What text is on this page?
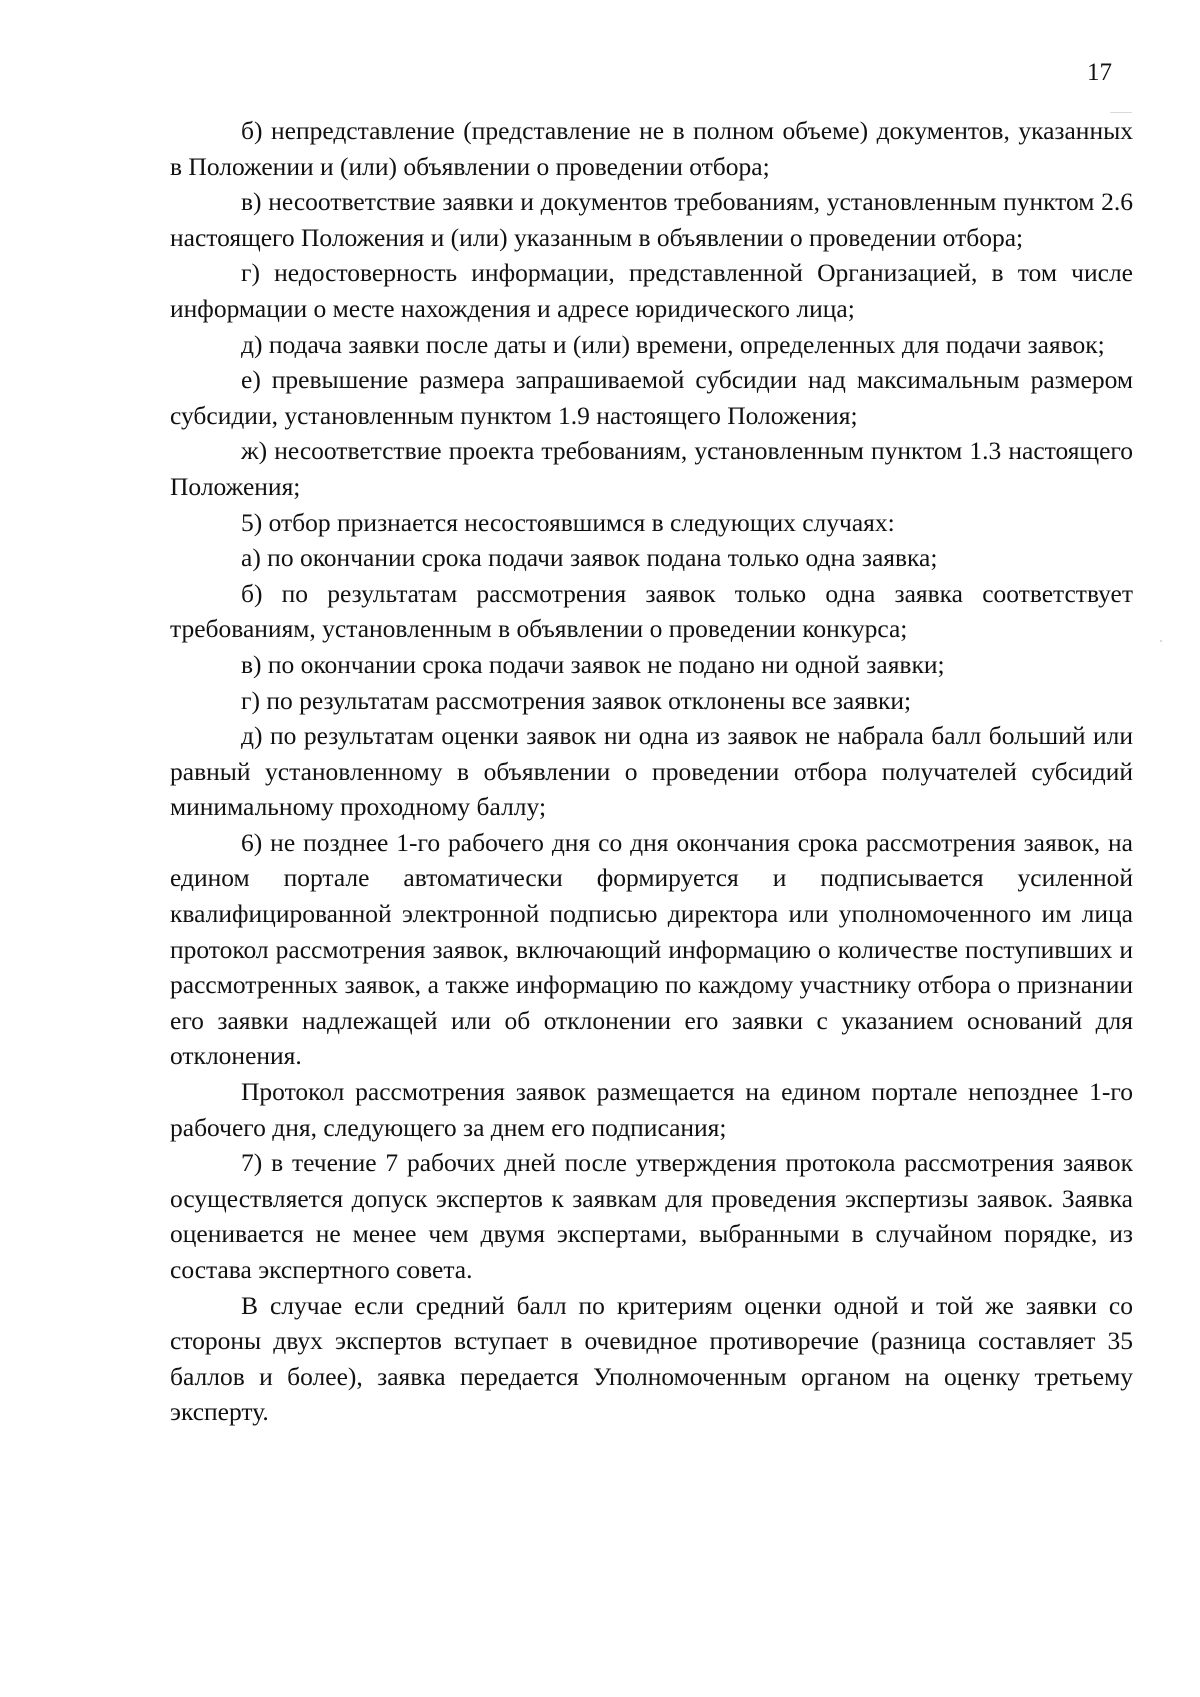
17

б) непредставление (представление не в полном объеме) документов, указанных в Положении и (или) объявлении о проведении отбора;

в) несоответствие заявки и документов требованиям, установленным пунктом 2.6 настоящего Положения и (или) указанным в объявлении о проведении отбора;

г) недостоверность информации, представленной Организацией, в том числе информации о месте нахождения и адресе юридического лица;

д) подача заявки после даты и (или) времени, определенных для подачи заявок;

е) превышение размера запрашиваемой субсидии над максимальным размером субсидии, установленным пунктом 1.9 настоящего Положения;

ж) несоответствие проекта требованиям, установленным пунктом 1.3 настоящего Положения;

5) отбор признается несостоявшимся в следующих случаях:

а) по окончании срока подачи заявок подана только одна заявка;

б) по результатам рассмотрения заявок только одна заявка соответствует требованиям, установленным в объявлении о проведении конкурса;

в) по окончании срока подачи заявок не подано ни одной заявки;

г) по результатам рассмотрения заявок отклонены все заявки;

д) по результатам оценки заявок ни одна из заявок не набрала балл больший или равный установленному в объявлении о проведении отбора получателей субсидий минимальному проходному баллу;

6) не позднее 1-го рабочего дня со дня окончания срока рассмотрения заявок, на едином портале автоматически формируется и подписывается усиленной квалифицированной электронной подписью директора или уполномоченного им лица протокол рассмотрения заявок, включающий информацию о количестве поступивших и рассмотренных заявок, а также информацию по каждому участнику отбора о признании его заявки надлежащей или об отклонении его заявки с указанием оснований для отклонения.

Протокол рассмотрения заявок размещается на едином портале непозднее 1-го рабочего дня, следующего за днем его подписания;

7) в течение 7 рабочих дней после утверждения протокола рассмотрения заявок осуществляется допуск экспертов к заявкам для проведения экспертизы заявок. Заявка оценивается не менее чем двумя экспертами, выбранными в случайном порядке, из состава экспертного совета.

В случае если средний балл по критериям оценки одной и той же заявки со стороны двух экспертов вступает в очевидное противоречие (разница составляет 35 баллов и более), заявка передается Уполномоченным органом на оценку третьему эксперту.
